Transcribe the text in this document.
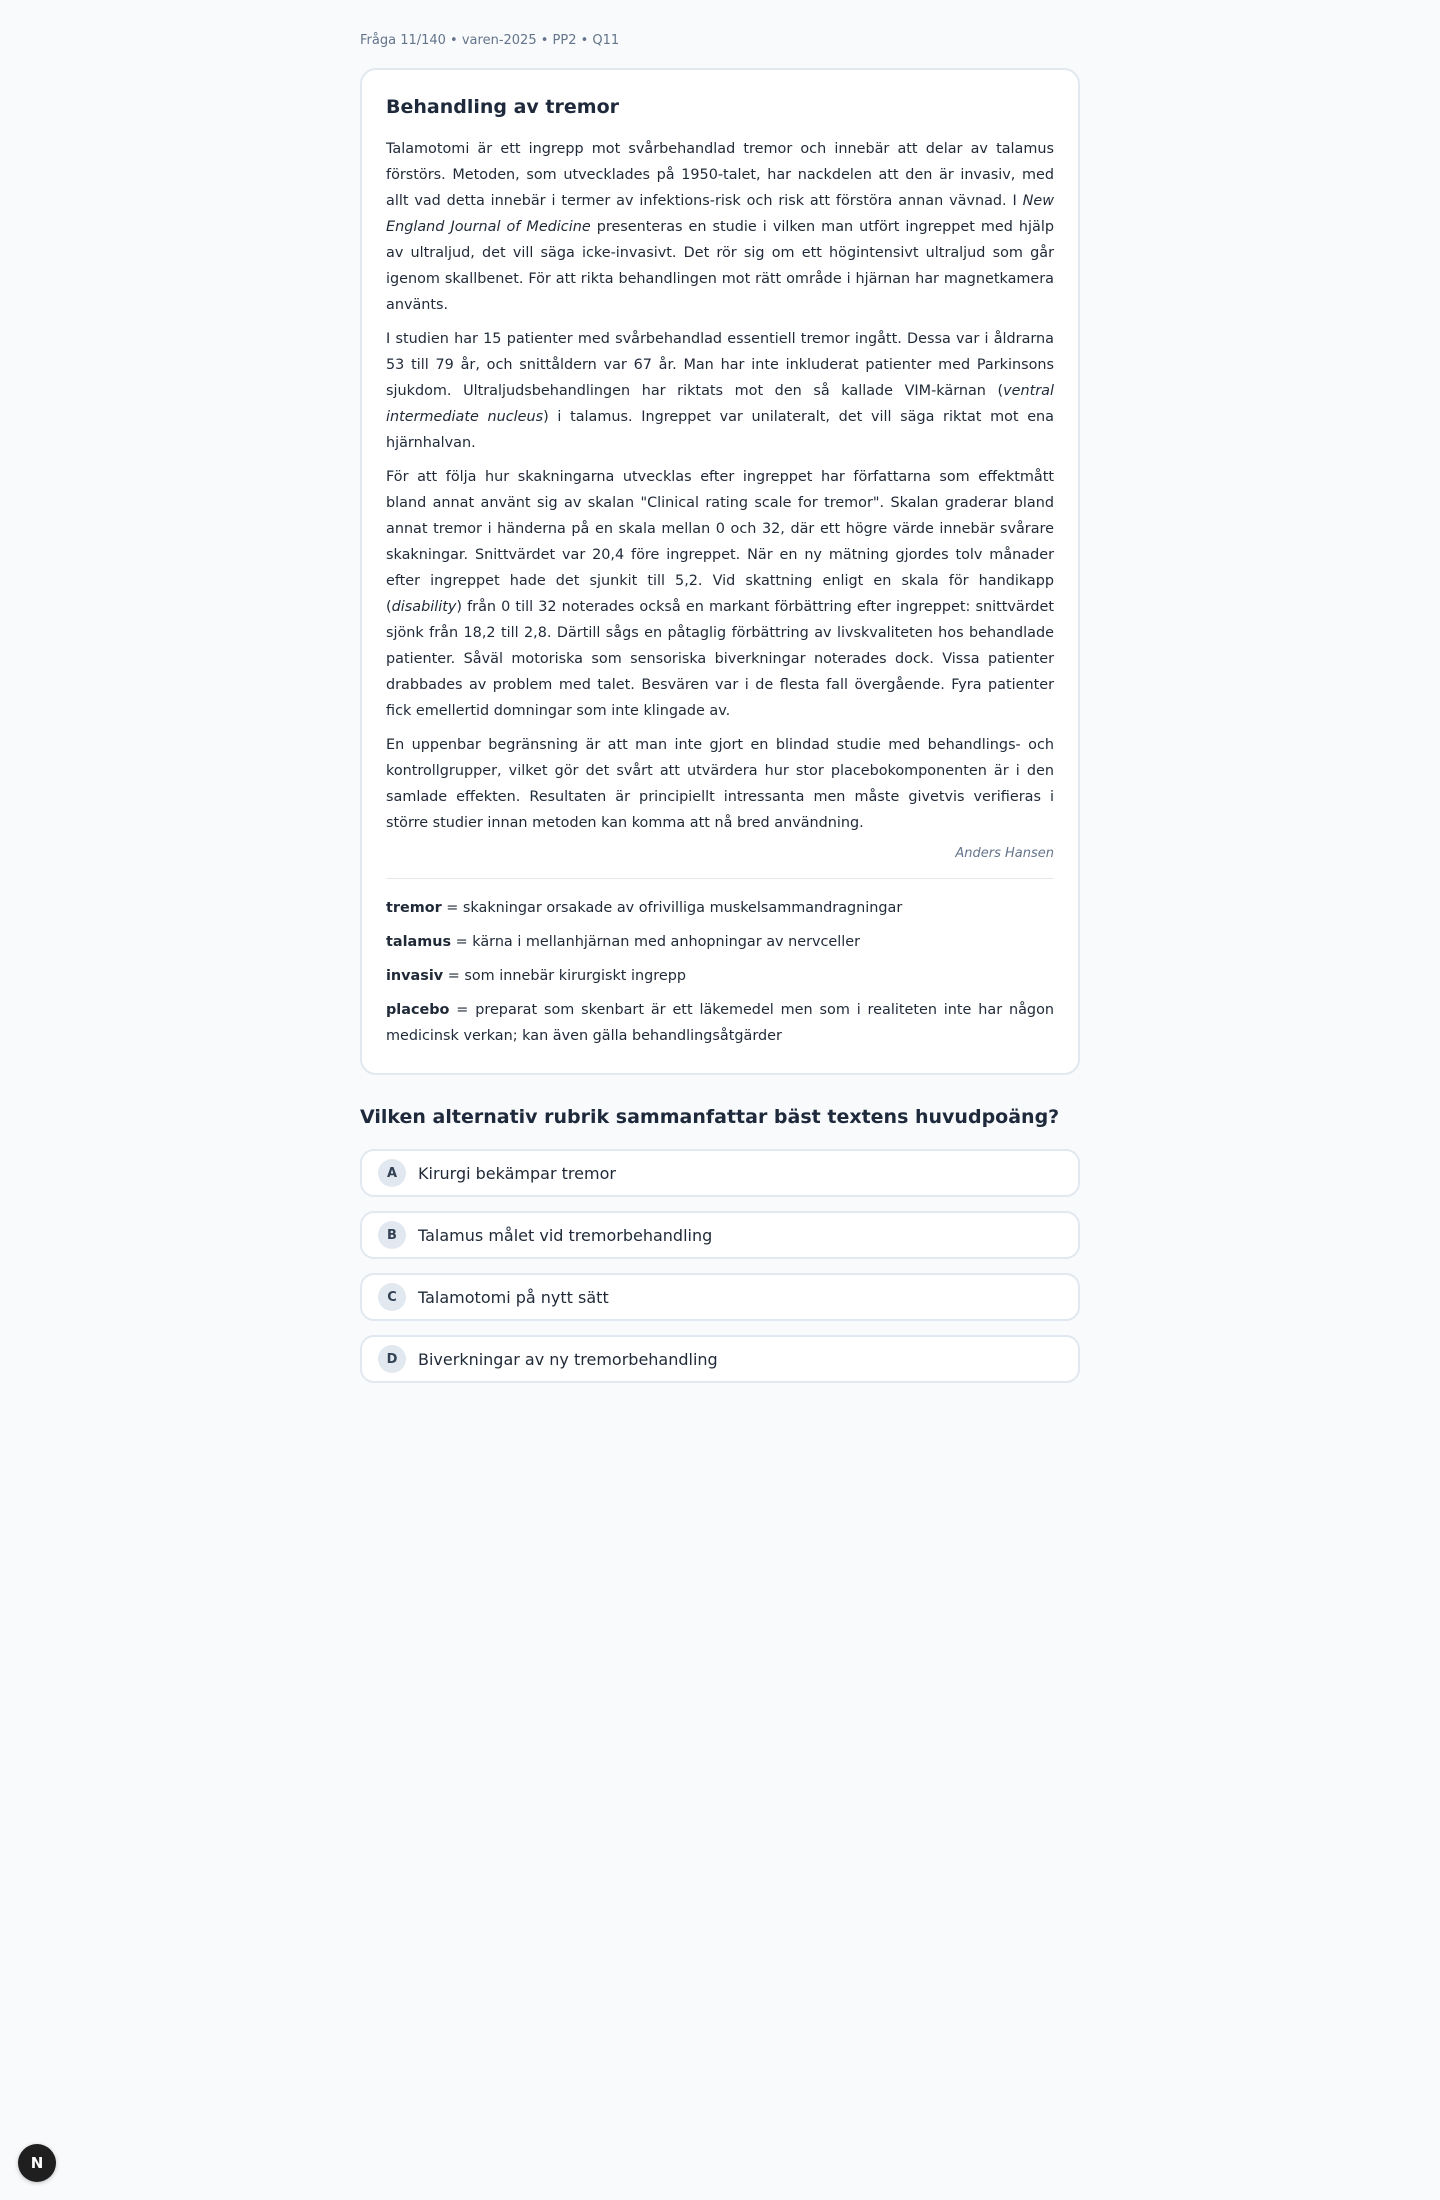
Fråga 11/140 • varen-2025 • PP2 • Q11
Behandling av tremor

Talamotomi är ett ingrepp mot svårbehandlad tremor och innebär att delar av talamus förstörs. Metoden, som utvecklades på 1950-talet, har nackdelen att den är invasiv, med allt vad detta innebär i termer av infektions-risk och risk att förstöra annan vävnad. I New England Journal of Medicine presenteras en studie i vilken man utfört ingreppet med hjälp av ultraljud, det vill säga icke-invasivt. Det rör sig om ett högintensivt ultraljud som går igenom skallbenet. För att rikta behandlingen mot rätt område i hjärnan har magnetkamera använts.

I studien har 15 patienter med svårbehandlad essentiell tremor ingått. Dessa var i åldrarna 53 till 79 år, och snittåldern var 67 år. Man har inte inkluderat patienter med Parkinsons sjukdom. Ultraljudsbehandlingen har riktats mot den så kallade VIM-kärnan (ventral intermediate nucleus) i talamus. Ingreppet var unilateralt, det vill säga riktat mot ena hjärnhalvan.

För att följa hur skakningarna utvecklas efter ingreppet har författarna som effektmått bland annat använt sig av skalan "Clinical rating scale for tremor". Skalan graderar bland annat tremor i händerna på en skala mellan 0 och 32, där ett högre värde innebär svårare skakningar. Snittvärdet var 20,4 före ingreppet. När en ny mätning gjordes tolv månader efter ingreppet hade det sjunkit till 5,2. Vid skattning enligt en skala för handikapp (disability) från 0 till 32 noterades också en markant förbättring efter ingreppet: snittvärdet sjönk från 18,2 till 2,8. Därtill sågs en påtaglig förbättring av livskvaliteten hos behandlade patienter. Såväl motoriska som sensoriska biverkningar noterades dock. Vissa patienter drabbades av problem med talet. Besvären var i de flesta fall övergående. Fyra patienter fick emellertid domningar som inte klingade av.

En uppenbar begränsning är att man inte gjort en blindad studie med behandlings- och kontrollgrupper, vilket gör det svårt att utvärdera hur stor placebokomponenten är i den samlade effekten. Resultaten är principiellt intressanta men måste givetvis verifieras i större studier innan metoden kan komma att nå bred användning.

Anders Hansen
tremor = skakningar orsakade av ofrivilliga muskelsammandragningar
talamus = kärna i mellanhjärnan med anhopningar av nervceller
invasiv = som innebär kirurgiskt ingrepp
placebo = preparat som skenbart är ett läkemedel men som i realiteten inte har någon medicinsk verkan; kan även gälla behandlingsåtgärder
Vilken alternativ rubrik sammanfattar bäst textens huvudpoäng?
A	Kirurgi bekämpar tremor
B	Talamus målet vid tremorbehandling
C	Talamotomi på nytt sätt
D	Biverkningar av ny tremorbehandling
N
